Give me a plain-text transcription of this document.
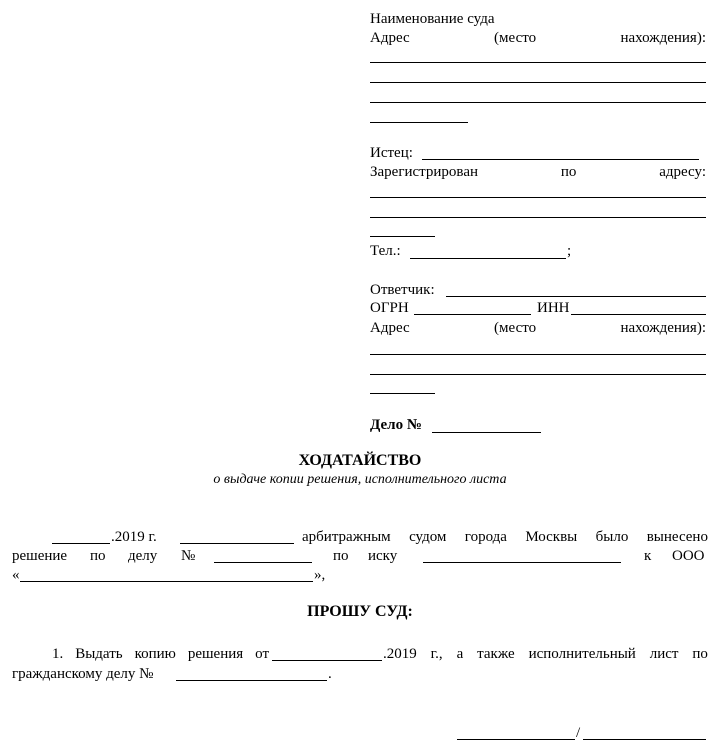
Наименование суда
Адрес	(место	нахождения):
Истец:
Зарегистрирован	по	адресу:
Тел.:	;
Ответчик:
ОГРН	ИНН
Адрес	(место	нахождения):
Дело №
ХОДАТАЙСТВО
о выдаче копии решения, исполнительного листа
.2019 г.	арбитражным судом города Москвы было вынесено
решение по делу №	по иску	к ООО
«	»,
ПРОШУ СУД:
1. Выдать копию решения от	.2019 г., а также исполнительный лист по
гражданскому делу №	.
/
